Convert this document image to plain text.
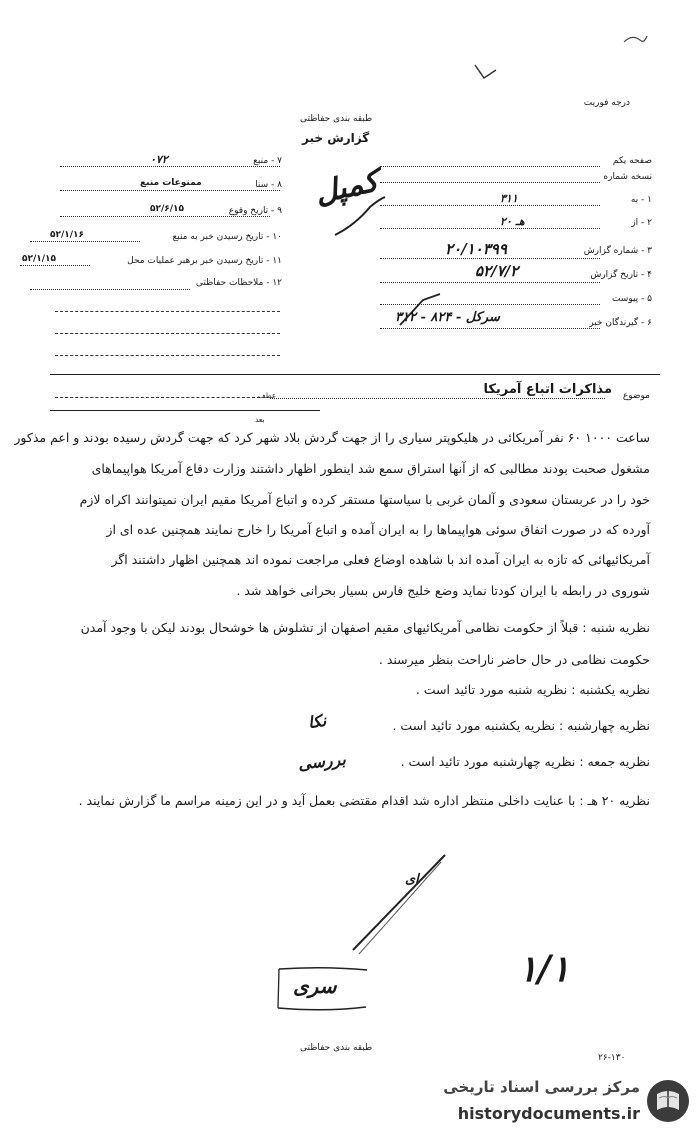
درجه فوریت
طبقه بندی حفاظتی
گزارش خبر
کمپل
۷ - منبع
۰۷۲
۸ - سنا
ممنوعات منبع
۹ - تاریخ وقوع
۵۲/۶/۱۵
۱۰ - تاریخ رسیدن خبر به منبع
۵۲/۱/۱۶
۱۱ - تاریخ رسیدن خبر برهبر عملیات محل
۵۲/۱/۱۵
۱۲ - ملاحظات حفاظتی
صفحه یکم
نسخه شماره
۱ - به
۳۱۱
۲ - از
۲۰ هـ
۳ - شماره گزارش
۲۰/۱۰۳۹۹
۴ - تاریخ گزارش
۵۲/۷/۲
۵ - پیوست
۶ - گیرندگان خبر
۳۱۲ - ۸۲۴ - سرکل
موضوع
مذاکرات اتباع آمریکا
عطف
بعد
ساعت ۱۰۰۰ ۶۰ نفر آمریکائی در هلیکوپتر سیاری را از جهت گردش بلاد شهر کرد که جهت گردش رسیده بودند و اعم مذکور
مشغول صحبت بودند مطالبی که از آنها استراق سمع شد اینطور اظهار داشتند وزارت دفاع آمریکا هواپیماهای
خود را در عربستان سعودی و آلمان غربی با سیاستها مستقر کرده و اتباع آمریکا مقیم ایران نمیتوانند اکراه لازم
آورده که در صورت اتفاق سوئی هواپیماها را به ایران آمده و اتباع آمریکا را خارج نمایند همچنین عده ای از
آمریکائیهائی که تازه به ایران آمده اند با شاهده اوضاع فعلی مراجعت نموده اند همچنین اظهار داشتند اگر
شوروی در رابطه با ایران کودتا نماید وضع خلیج فارس بسیار بحرانی خواهد شد .
نظریه شنبه : قبلاً از حکومت نظامی آمریکائیهای مقیم اصفهان از تشلوش ها خوشحال بودند لیکن با وجود آمدن
حکومت نظامی در حال حاضر ناراحت بنظر میرسند .
نظریه یکشنبه : نظریه شنبه مورد تائید است .
نظریه چهارشنبه : نظریه یکشنبه مورد تائید است .
نظریه جمعه : نظریه چهارشنبه مورد تائید است .
نظریه ۲۰ هـ : با عنایت داخلی منتظر اداره شد اقدام مقتضی بعمل آید و در این زمینه مراسم ما گزارش نمایند .
نکا
بررسی
ای
سری	۱/۱
طبقه بندی حفاظتی
۲۶-۱۳۰
مرکز بررسی اسناد تاریخی
historydocuments.ir
